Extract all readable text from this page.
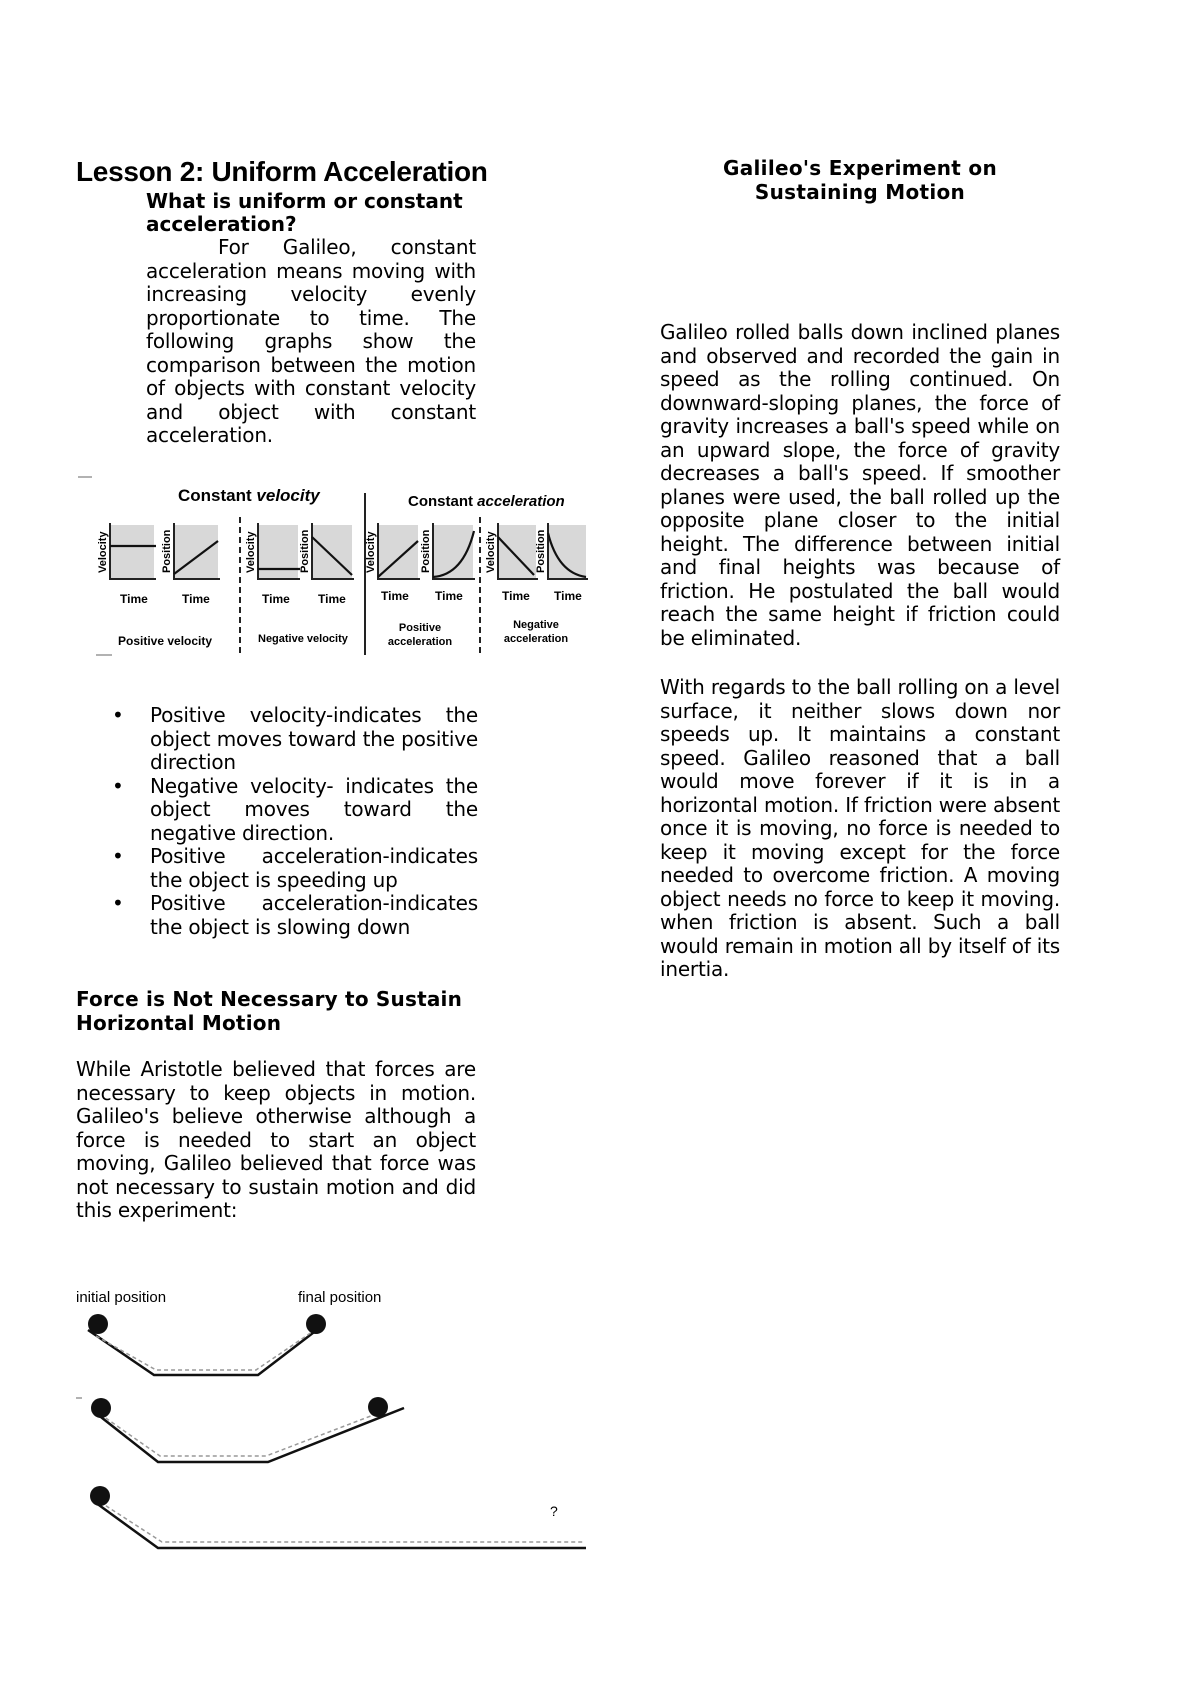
Lesson 2: Uniform Acceleration
What is uniform or constant acceleration?
For Galileo, constant acceleration means moving with increasing velocity evenly proportionate to time. The following graphs show the comparison between the motion of objects with constant velocity and object with constant acceleration.
Constant velocity	Constant acceleration
Velocity	Position	Velocity	Position	Velocity	Position	Velocity	Position
Time	Time	Time Time	Time Time	Time Time
Positive velocity	Negative velocity
Positive
acceleration
Negative
acceleration
• Positive velocity-indicates the object moves toward the positive direction
• Negative velocity- indicates the object moves toward the negative direction.
• Positive acceleration-indicates the object is speeding up
• Positive acceleration-indicates the object is slowing down
Force is Not Necessary to Sustain Horizontal Motion
While Aristotle believed that forces are necessary to keep objects in motion. Galileo's believe otherwise although a force is needed to start an object moving, Galileo believed that force was not necessary to sustain motion and did this experiment:
initial position	final position
?
Galileo's Experiment on Sustaining Motion
Galileo rolled balls down inclined planes and observed and recorded the gain in speed as the rolling continued. On downward-sloping planes, the force of gravity increases a ball's speed while on an upward slope, the force of gravity decreases a ball's speed. If smoother planes were used, the ball rolled up the opposite plane closer to the initial height. The difference between initial and final heights was because of friction. He postulated the ball would reach the same height if friction could be eliminated.
With regards to the ball rolling on a level surface, it neither slows down nor speeds up. It maintains a constant speed. Galileo reasoned that a ball would move forever if it is in a horizontal motion. If friction were absent once it is moving, no force is needed to keep it moving except for the force needed to overcome friction. A moving object needs no force to keep it moving. when friction is absent. Such a ball would remain in motion all by itself of its inertia.
